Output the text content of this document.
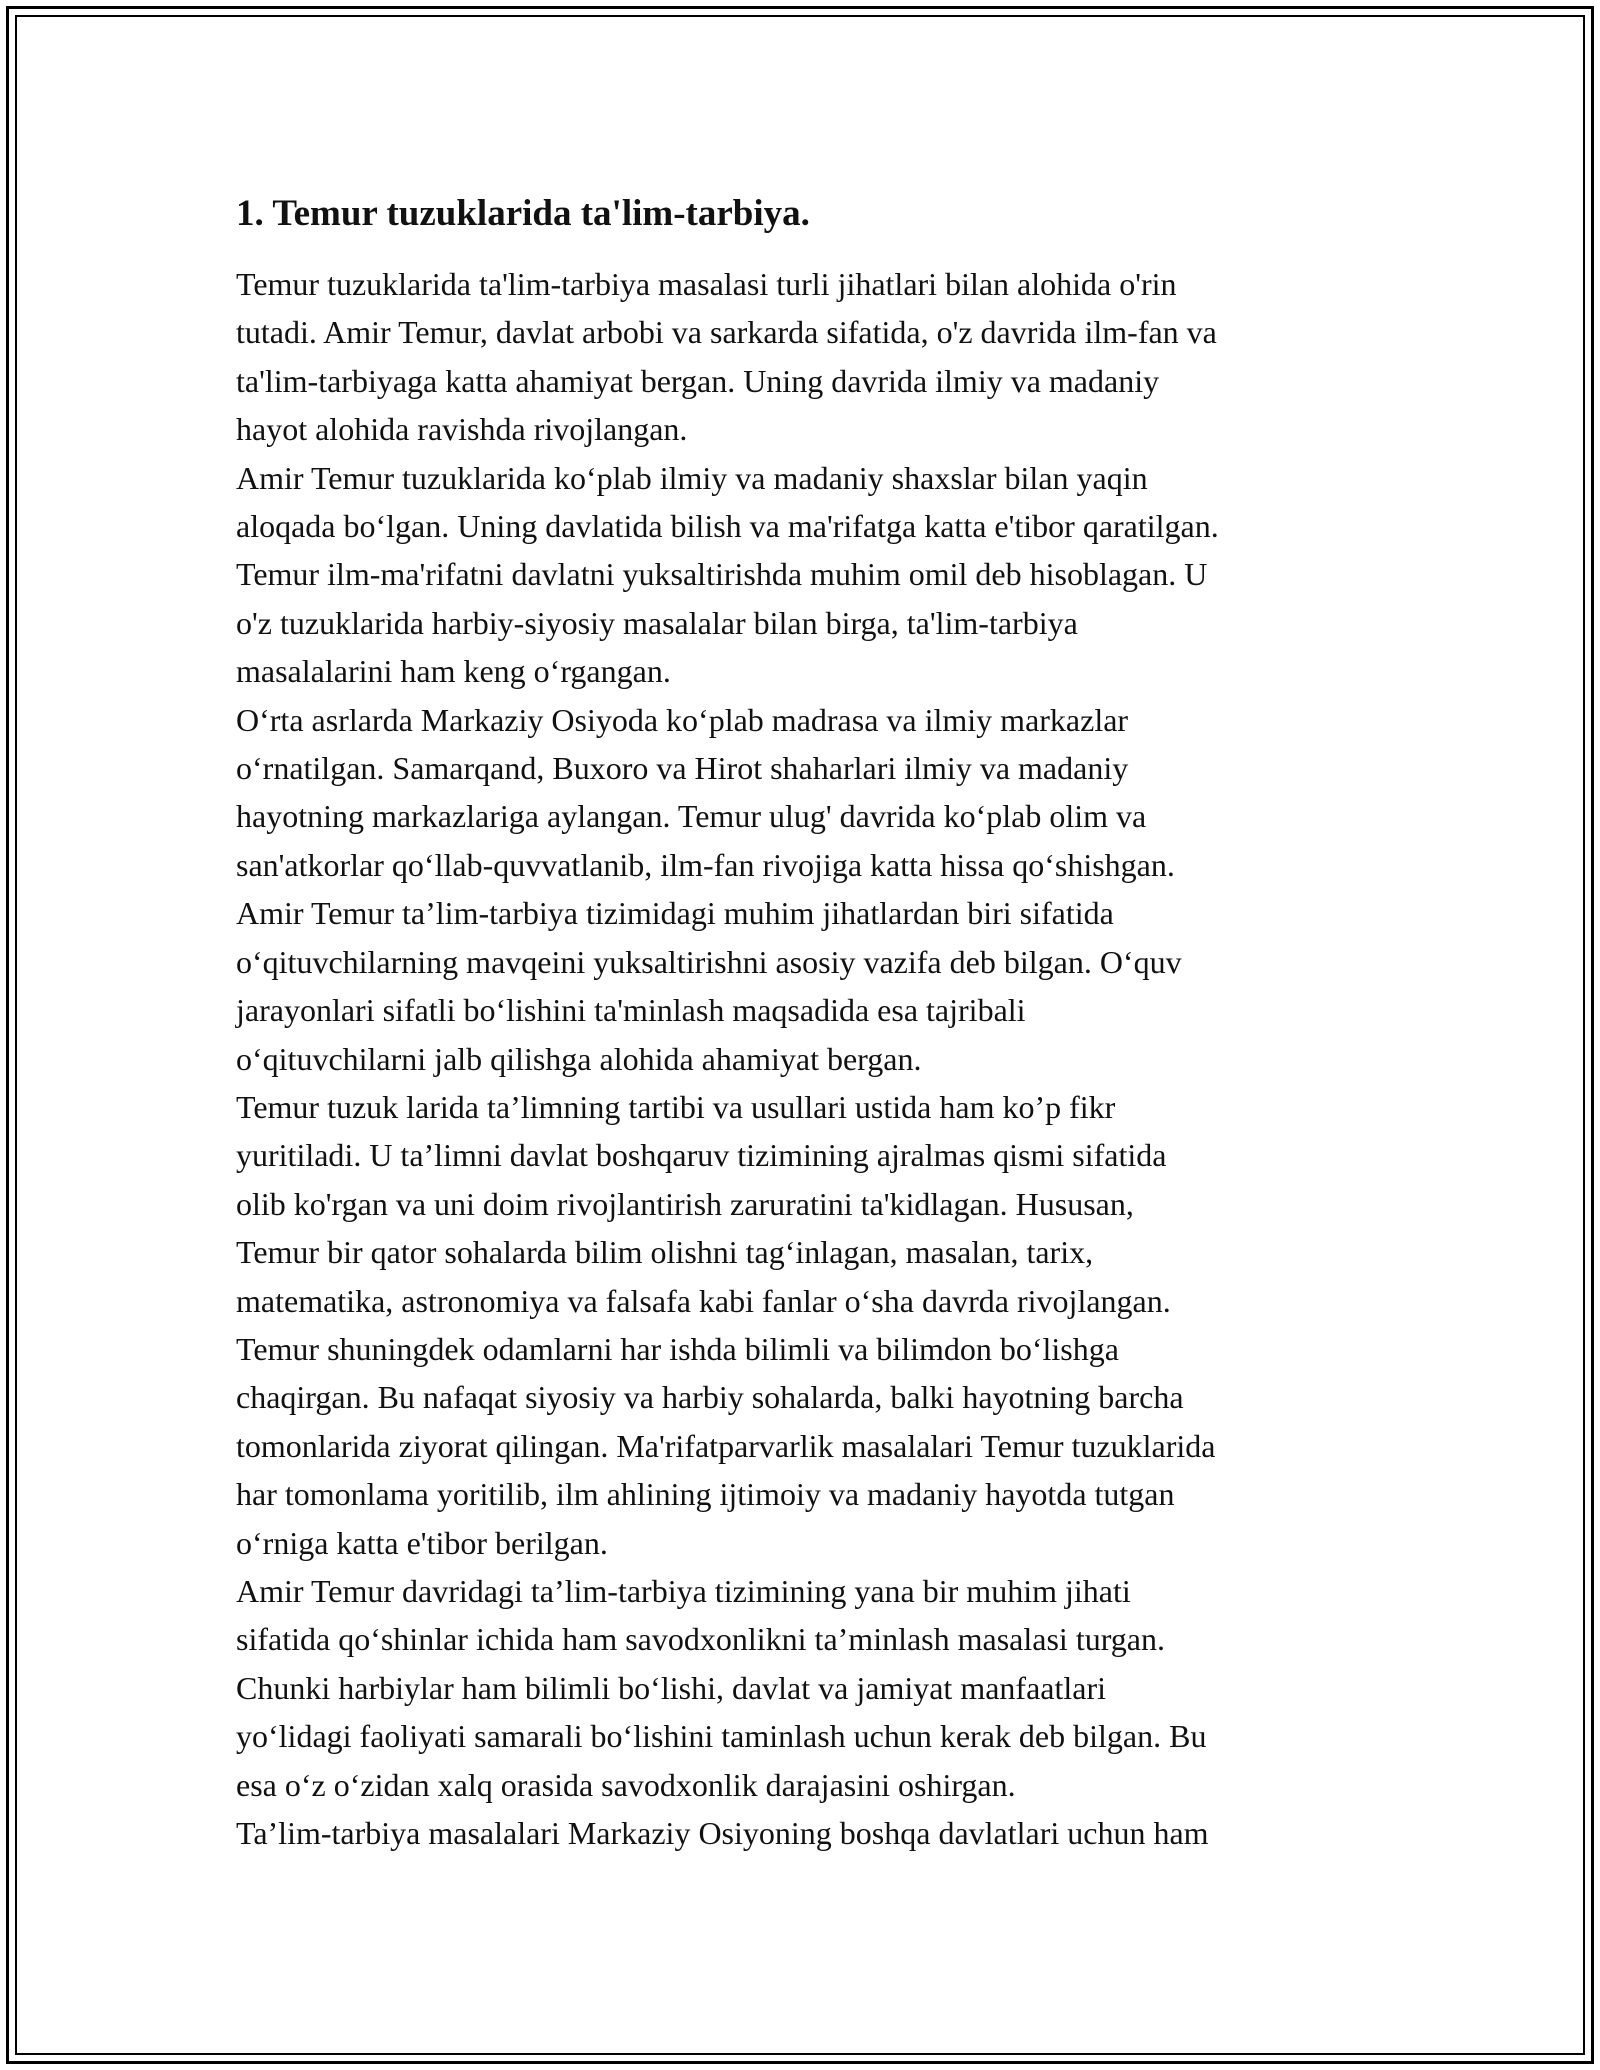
1. Temur tuzuklarida ta'lim-tarbiya.
Temur tuzuklarida ta'lim-tarbiya masalasi turli jihatlari bilan alohida o'rin
tutadi. Amir Temur, davlat arbobi va sarkarda sifatida, o'z davrida ilm-fan va
ta'lim-tarbiyaga katta ahamiyat bergan. Uning davrida ilmiy va madaniy
hayot alohida ravishda rivojlangan.
Amir Temur tuzuklarida ko‘plab ilmiy va madaniy shaxslar bilan yaqin
aloqada bo‘lgan. Uning davlatida bilish va ma'rifatga katta e'tibor qaratilgan.
Temur ilm-ma'rifatni davlatni yuksaltirishda muhim omil deb hisoblagan. U
o'z tuzuklarida harbiy-siyosiy masalalar bilan birga, ta'lim-tarbiya
masalalarini ham keng o‘rgangan.
O‘rta asrlarda Markaziy Osiyoda ko‘plab madrasa va ilmiy markazlar
o‘rnatilgan. Samarqand, Buxoro va Hirot shaharlari ilmiy va madaniy
hayotning markazlariga aylangan. Temur ulug' davrida ko‘plab olim va
san'atkorlar qo‘llab-quvvatlanib, ilm-fan rivojiga katta hissa qo‘shishgan.
Amir Temur ta’lim-tarbiya tizimidagi muhim jihatlardan biri sifatida
o‘qituvchilarning mavqeini yuksaltirishni asosiy vazifa deb bilgan. O‘quv
jarayonlari sifatli bo‘lishini ta'minlash maqsadida esa tajribali
o‘qituvchilarni jalb qilishga alohida ahamiyat bergan.
Temur tuzuk larida ta’limning tartibi va usullari ustida ham ko’p fikr
yuritiladi. U ta’limni davlat boshqaruv tizimining ajralmas qismi sifatida
olib ko'rgan va uni doim rivojlantirish zaruratini ta'kidlagan. Hususan,
Temur bir qator sohalarda bilim olishni tag‘inlagan, masalan, tarix,
matematika, astronomiya va falsafa kabi fanlar o‘sha davrda rivojlangan.
Temur shuningdek odamlarni har ishda bilimli va bilimdon bo‘lishga
chaqirgan. Bu nafaqat siyosiy va harbiy sohalarda, balki hayotning barcha
tomonlarida ziyorat qilingan. Ma'rifatparvarlik masalalari Temur tuzuklarida
har tomonlama yoritilib, ilm ahlining ijtimoiy va madaniy hayotda tutgan
o‘rniga katta e'tibor berilgan.
Amir Temur davridagi ta’lim-tarbiya tizimining yana bir muhim jihati
sifatida qo‘shinlar ichida ham savodxonlikni ta’minlash masalasi turgan.
Chunki harbiylar ham bilimli bo‘lishi, davlat va jamiyat manfaatlari
yo‘lidagi faoliyati samarali bo‘lishini taminlash uchun kerak deb bilgan. Bu
esa o‘z o‘zidan xalq orasida savodxonlik darajasini oshirgan.
Ta’lim-tarbiya masalalari Markaziy Osiyoning boshqa davlatlari uchun ham
